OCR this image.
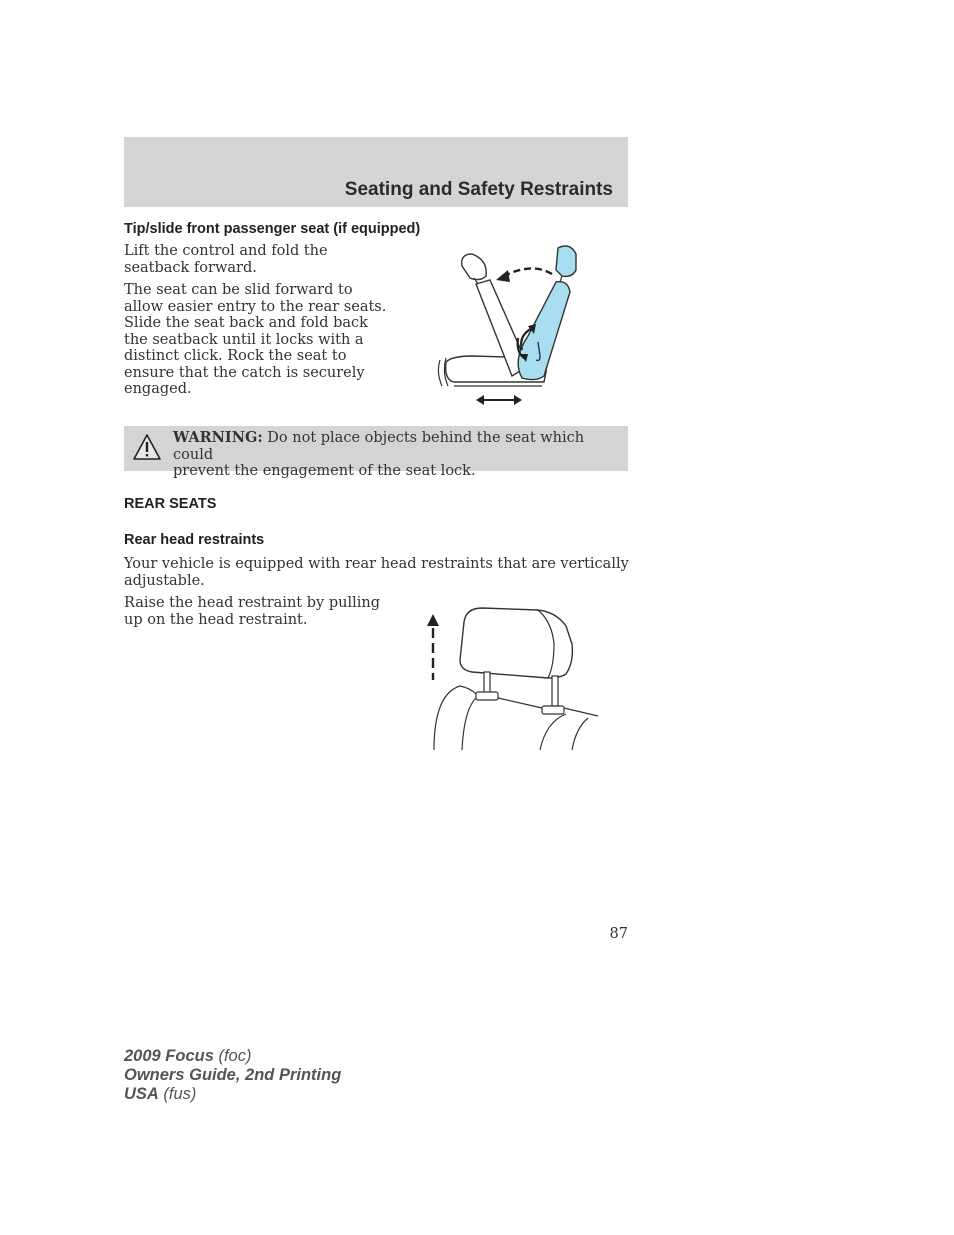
Seating and Safety Restraints
Tip/slide front passenger seat (if equipped)
Lift the control and fold the
seatback forward.
The seat can be slid forward to
allow easier entry to the rear seats.
Slide the seat back and fold back
the seatback until it locks with a
distinct click. Rock the seat to
ensure that the catch is securely
engaged.
WARNING: Do not place objects behind the seat which could
prevent the engagement of the seat lock.
REAR SEATS
Rear head restraints
Your vehicle is equipped with rear head restraints that are vertically
adjustable.
Raise the head restraint by pulling
up on the head restraint.
87
2009 Focus (foc)
Owners Guide, 2nd Printing
USA (fus)
